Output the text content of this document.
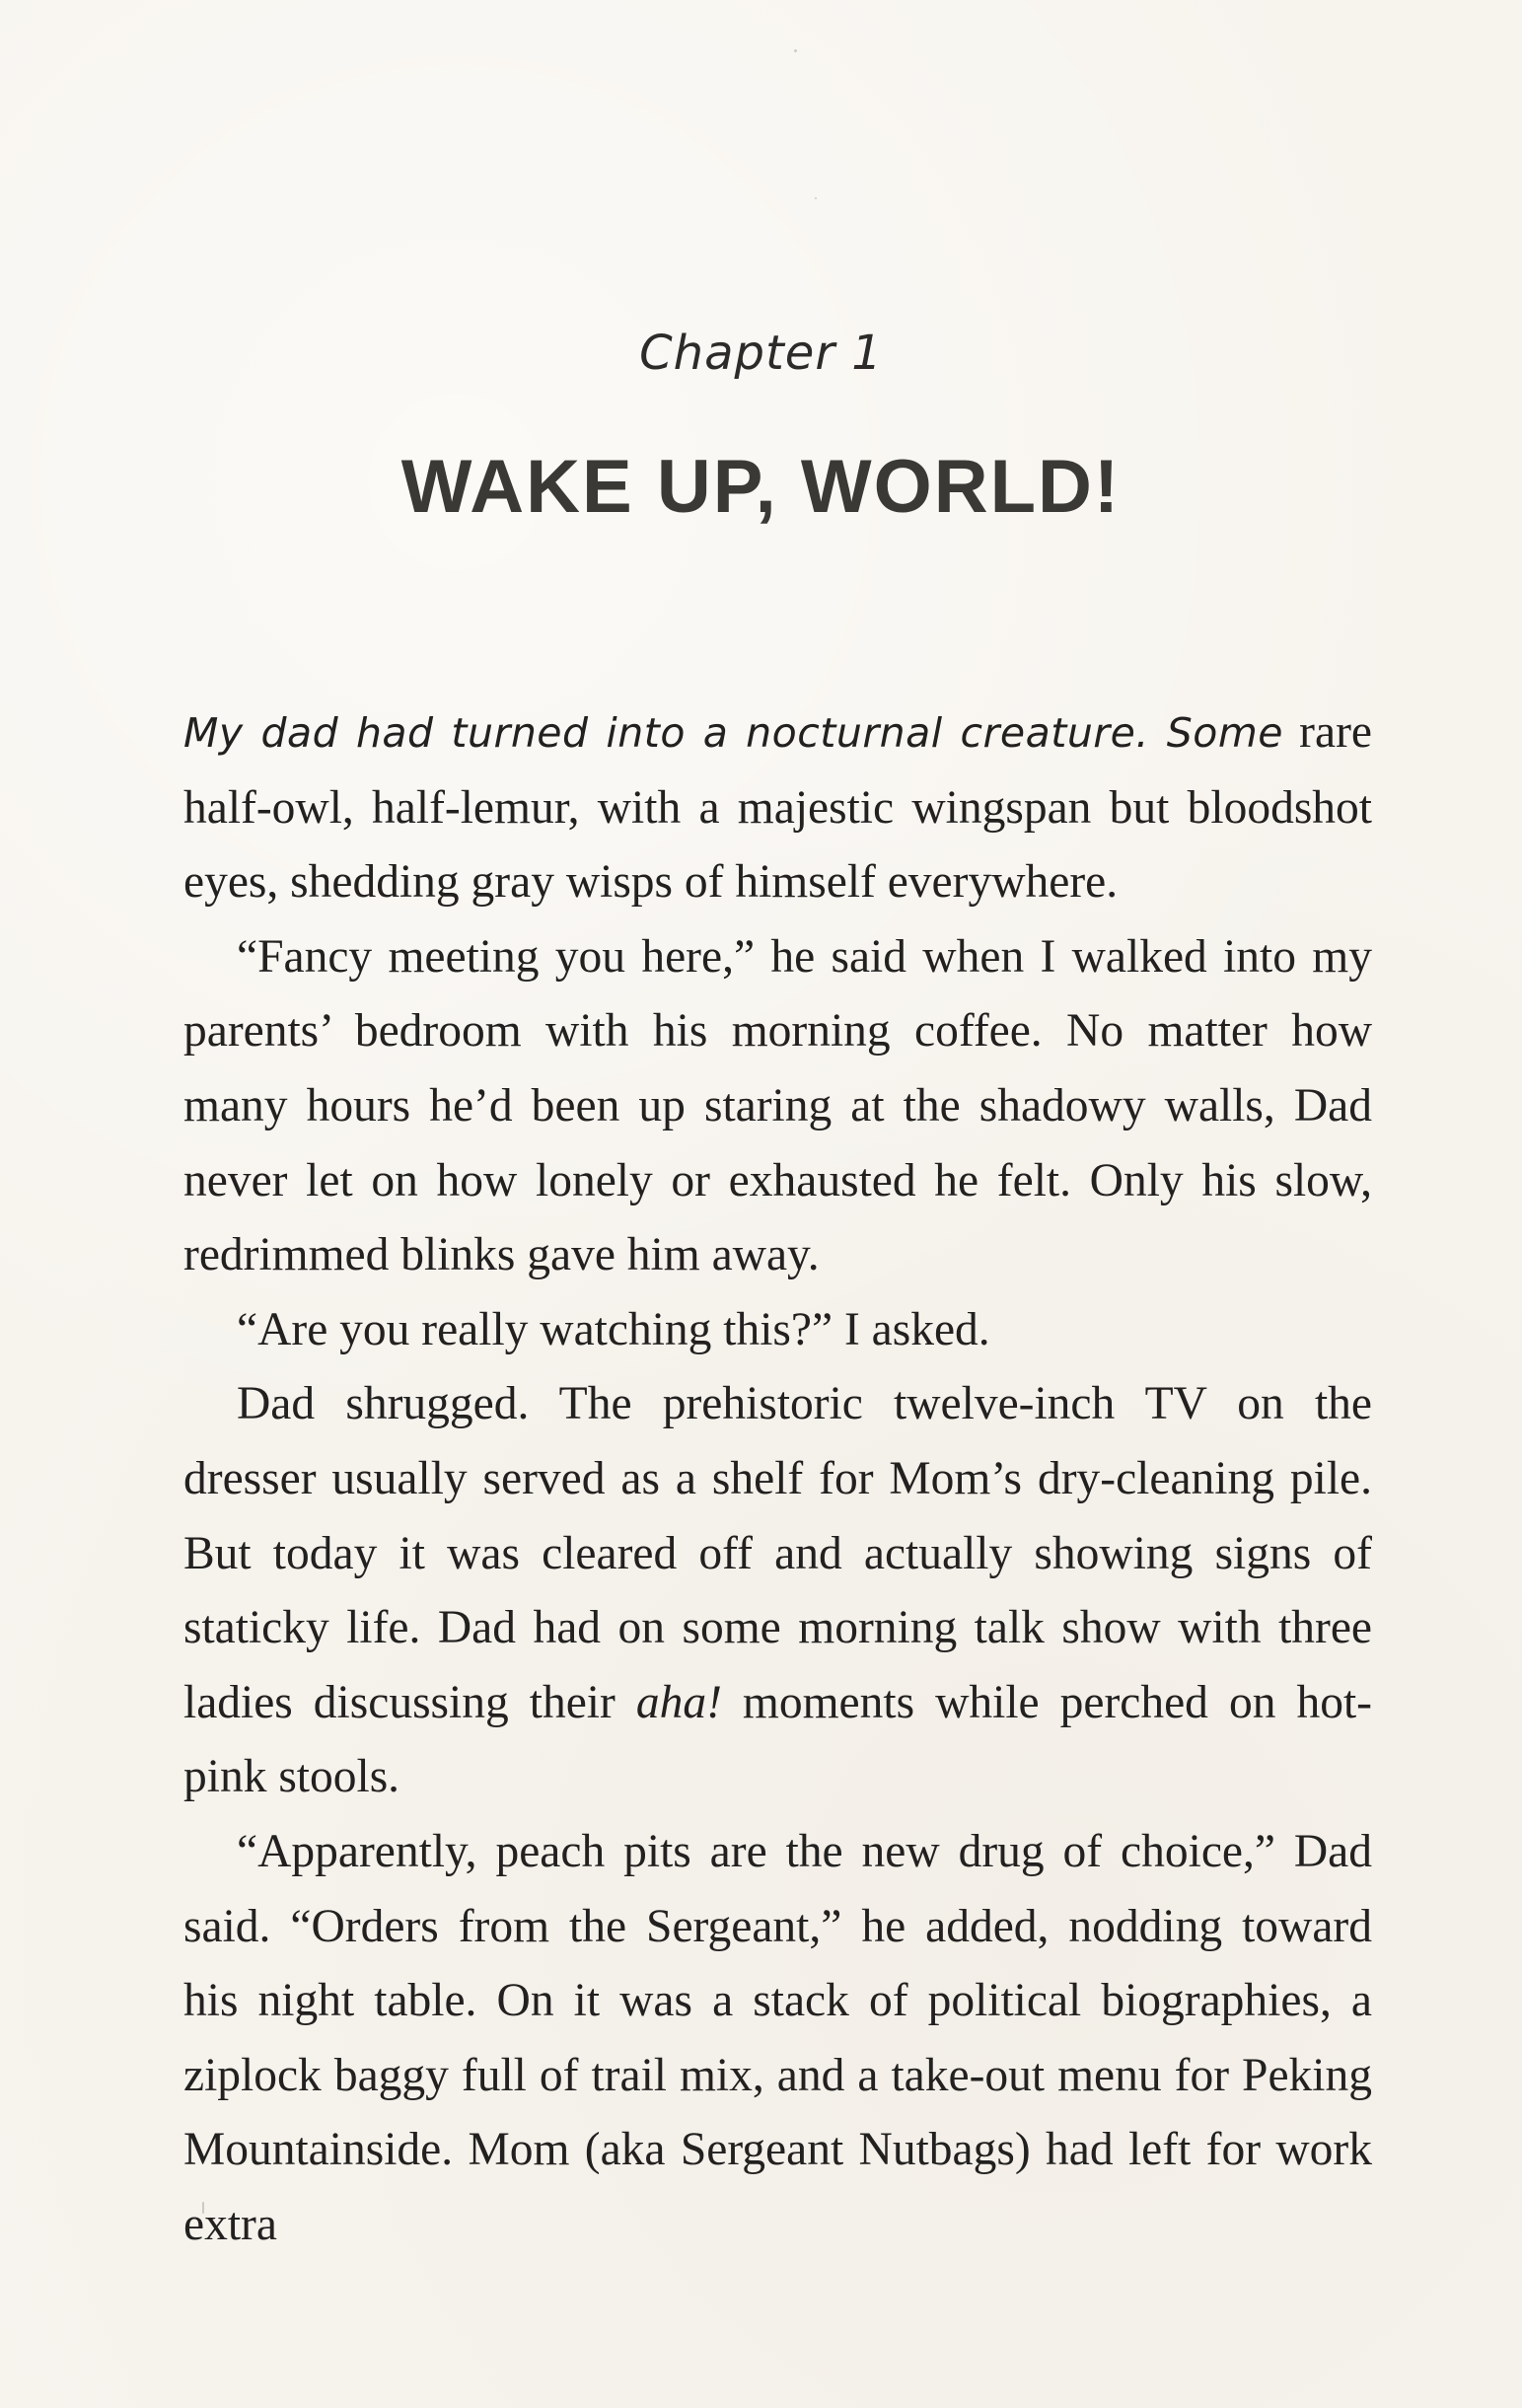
Chapter 1
WAKE UP, WORLD!

My dad had turned into a nocturnal creature. Some rare half-owl, half-lemur, with a majestic wingspan but bloodshot eyes, shedding gray wisps of himself everywhere.

“Fancy meeting you here,” he said when I walked into my parents’ bedroom with his morning coffee. No matter how many hours he’d been up staring at the shadowy walls, Dad never let on how lonely or exhausted he felt. Only his slow, redrimmed blinks gave him away.

“Are you really watching this?” I asked.

Dad shrugged. The prehistoric twelve-inch TV on the dresser usually served as a shelf for Mom’s dry-cleaning pile. But today it was cleared off and actually showing signs of staticky life. Dad had on some morning talk show with three ladies discussing their aha! moments while perched on hot-pink stools.

“Apparently, peach pits are the new drug of choice,” Dad said. “Orders from the Sergeant,” he added, nodding toward his night table. On it was a stack of political biographies, a ziplock baggy full of trail mix, and a take-out menu for Peking Mountainside. Mom (aka Sergeant Nutbags) had left for work extra
